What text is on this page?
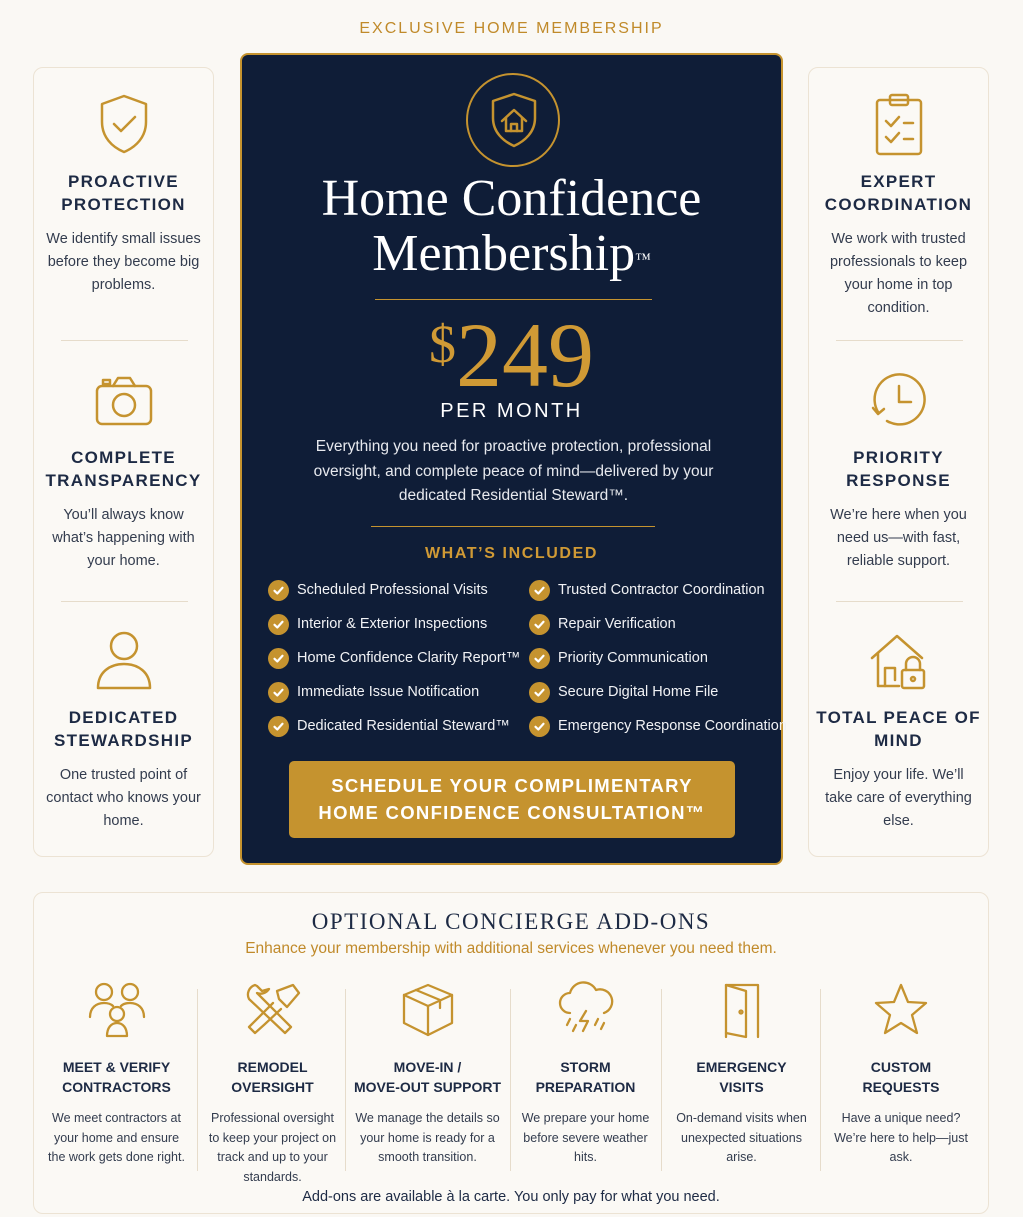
EXCLUSIVE HOME MEMBERSHIP
PROACTIVE PROTECTION

We identify small issues before they become big problems.

COMPLETE TRANSPARENCY

You’ll always know what’s happening with your home.

DEDICATED STEWARDSHIP

One trusted point of contact who knows your home.

EXPERT COORDINATION

We work with trusted professionals to keep your home in top condition.

PRIORITY RESPONSE

We’re here when you need us—with fast, reliable support.

TOTAL PEACE OF MIND

Enjoy your life. We’ll take care of everything else.

Home Confidence
Membership™
$249
PER MONTH
Everything you need for proactive protection, professional oversight, and complete peace of mind—delivered by your dedicated Residential Steward™.
WHAT’S INCLUDED
Scheduled Professional Visits
Interior & Exterior Inspections
Home Confidence Clarity Report™
Immediate Issue Notification
Dedicated Residential Steward™
Trusted Contractor Coordination
Repair Verification
Priority Communication
Secure Digital Home File
Emergency Response Coordination
SCHEDULE YOUR COMPLIMENTARY
HOME CONFIDENCE CONSULTATION™
OPTIONAL CONCIERGE ADD-ONS
Enhance your membership with additional services whenever you need them.
MEET & VERIFY
CONTRACTORS

We meet contractors at your home and ensure the work gets done right.

REMODEL
OVERSIGHT

Professional oversight to keep your project on track and up to your standards.

MOVE-IN /
MOVE-OUT SUPPORT

We manage the details so your home is ready for a smooth transition.

STORM
PREPARATION

We prepare your home before severe weather hits.

EMERGENCY
VISITS

On-demand visits when unexpected situations arise.

CUSTOM
REQUESTS

Have a unique need? We’re here to help—just ask.

Add-ons are available à la carte. You only pay for what you need.
